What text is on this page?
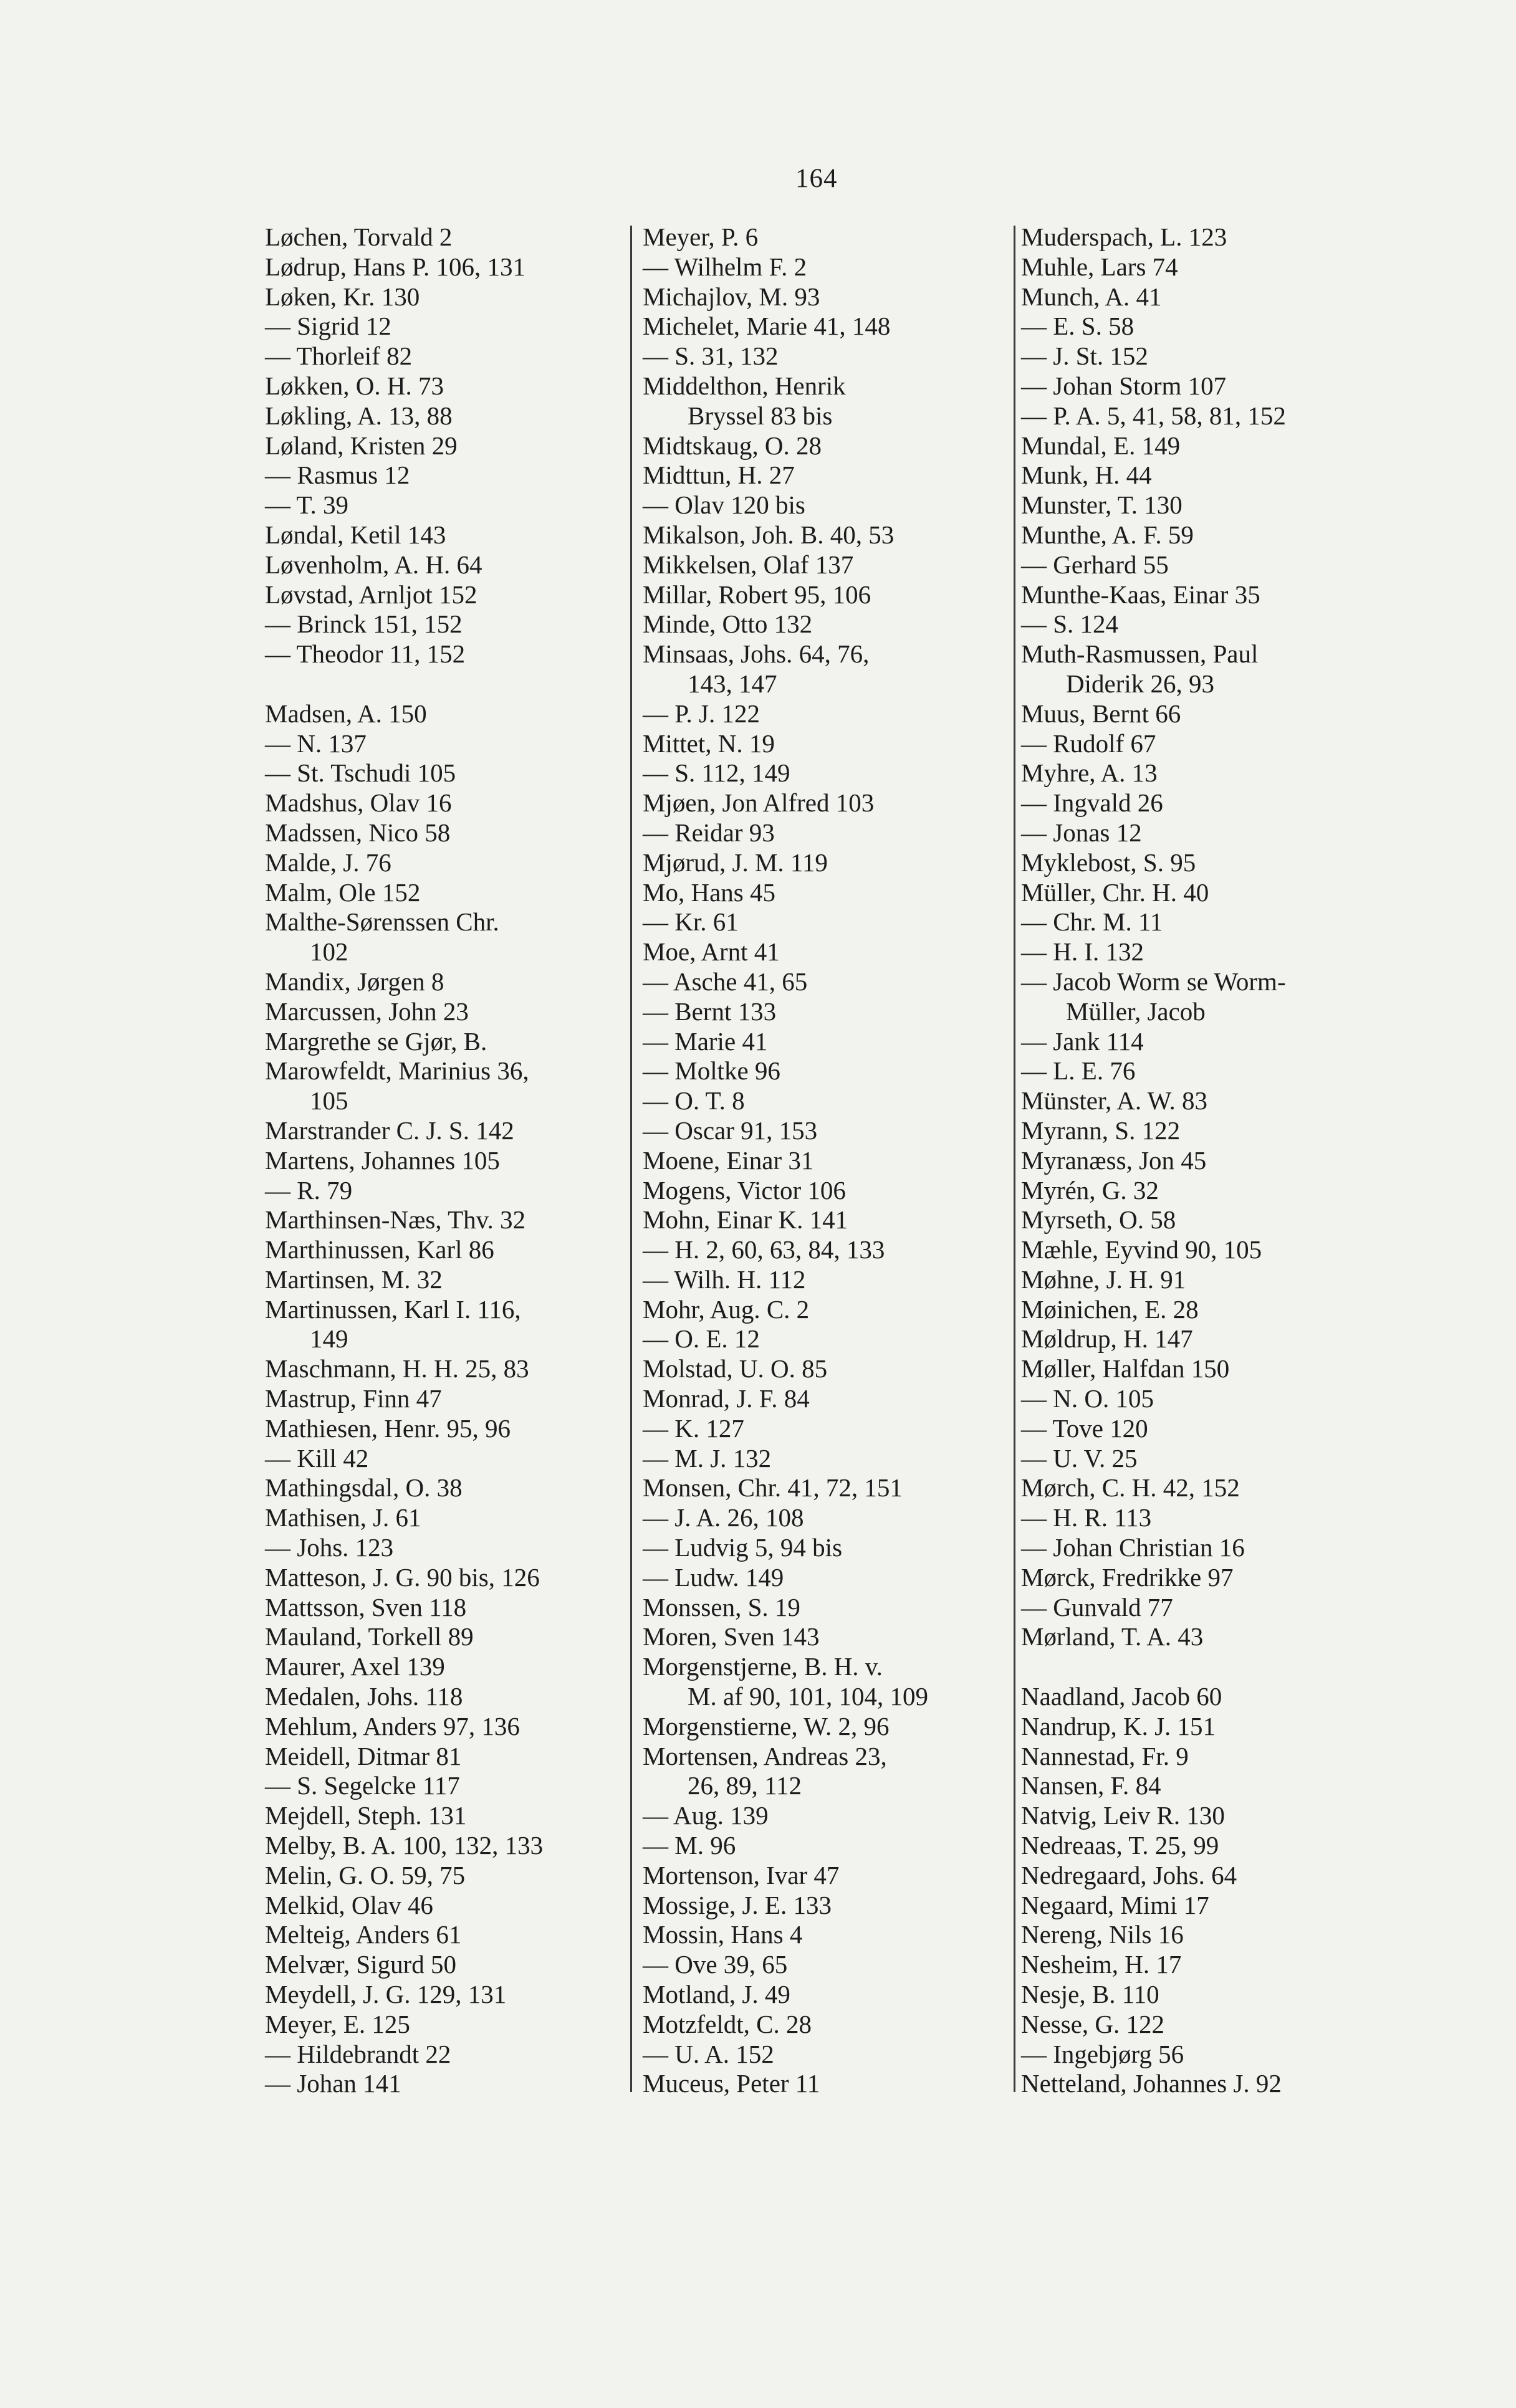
164
Løchen, Torvald 2
Lødrup, Hans P. 106, 131
Løken, Kr. 130
— Sigrid 12
— Thorleif 82
Løkken, O. H. 73
Løkling, A. 13, 88
Løland, Kristen 29
— Rasmus 12
— T. 39
Løndal, Ketil 143
Løvenholm, A. H. 64
Løvstad, Arnljot 152
— Brinck 151, 152
— Theodor 11, 152
Madsen, A. 150
— N. 137
— St. Tschudi 105
Madshus, Olav 16
Madssen, Nico 58
Malde, J. 76
Malm, Ole 152
Malthe-Sørenssen Chr.
102
Mandix, Jørgen 8
Marcussen, John 23
Margrethe se Gjør, B.
Marowfeldt, Marinius 36,
105
Marstrander C. J. S. 142
Martens, Johannes 105
— R. 79
Marthinsen-Næs, Thv. 32
Marthinussen, Karl 86
Martinsen, M. 32
Martinussen, Karl I. 116,
149
Maschmann, H. H. 25, 83
Mastrup, Finn 47
Mathiesen, Henr. 95, 96
— Kill 42
Mathingsdal, O. 38
Mathisen, J. 61
— Johs. 123
Matteson, J. G. 90 bis, 126
Mattsson, Sven 118
Mauland, Torkell 89
Maurer, Axel 139
Medalen, Johs. 118
Mehlum, Anders 97, 136
Meidell, Ditmar 81
— S. Segelcke 117
Mejdell, Steph. 131
Melby, B. A. 100, 132, 133
Melin, G. O. 59, 75
Melkid, Olav 46
Melteig, Anders 61
Melvær, Sigurd 50
Meydell, J. G. 129, 131
Meyer, E. 125
— Hildebrandt 22
— Johan 141
Meyer, P. 6
— Wilhelm F. 2
Michajlov, M. 93
Michelet, Marie 41, 148
— S. 31, 132
Middelthon, Henrik
Bryssel 83 bis
Midtskaug, O. 28
Midttun, H. 27
— Olav 120 bis
Mikalson, Joh. B. 40, 53
Mikkelsen, Olaf 137
Millar, Robert 95, 106
Minde, Otto 132
Minsaas, Johs. 64, 76,
143, 147
— P. J. 122
Mittet, N. 19
— S. 112, 149
Mjøen, Jon Alfred 103
— Reidar 93
Mjørud, J. M. 119
Mo, Hans 45
— Kr. 61
Moe, Arnt 41
— Asche 41, 65
— Bernt 133
— Marie 41
— Moltke 96
— O. T. 8
— Oscar 91, 153
Moene, Einar 31
Mogens, Victor 106
Mohn, Einar K. 141
— H. 2, 60, 63, 84, 133
— Wilh. H. 112
Mohr, Aug. C. 2
— O. E. 12
Molstad, U. O. 85
Monrad, J. F. 84
— K. 127
— M. J. 132
Monsen, Chr. 41, 72, 151
— J. A. 26, 108
— Ludvig 5, 94 bis
— Ludw. 149
Monssen, S. 19
Moren, Sven 143
Morgenstjerne, B. H. v.
M. af 90, 101, 104, 109
Morgenstierne, W. 2, 96
Mortensen, Andreas 23,
26, 89, 112
— Aug. 139
— M. 96
Mortenson, Ivar 47
Mossige, J. E. 133
Mossin, Hans 4
— Ove 39, 65
Motland, J. 49
Motzfeldt, C. 28
— U. A. 152
Muceus, Peter 11
Muderspach, L. 123
Muhle, Lars 74
Munch, A. 41
— E. S. 58
— J. St. 152
— Johan Storm 107
— P. A. 5, 41, 58, 81, 152
Mundal, E. 149
Munk, H. 44
Munster, T. 130
Munthe, A. F. 59
— Gerhard 55
Munthe-Kaas, Einar 35
— S. 124
Muth-Rasmussen, Paul
Diderik 26, 93
Muus, Bernt 66
— Rudolf 67
Myhre, A. 13
— Ingvald 26
— Jonas 12
Myklebost, S. 95
Müller, Chr. H. 40
— Chr. M. 11
— H. I. 132
— Jacob Worm se Worm-
Müller, Jacob
— Jank 114
— L. E. 76
Münster, A. W. 83
Myrann, S. 122
Myranæss, Jon 45
Myrén, G. 32
Myrseth, O. 58
Mæhle, Eyvind 90, 105
Møhne, J. H. 91
Møinichen, E. 28
Møldrup, H. 147
Møller, Halfdan 150
— N. O. 105
— Tove 120
— U. V. 25
Mørch, C. H. 42, 152
— H. R. 113
— Johan Christian 16
Mørck, Fredrikke 97
— Gunvald 77
Mørland, T. A. 43
Naadland, Jacob 60
Nandrup, K. J. 151
Nannestad, Fr. 9
Nansen, F. 84
Natvig, Leiv R. 130
Nedreaas, T. 25, 99
Nedregaard, Johs. 64
Negaard, Mimi 17
Nereng, Nils 16
Nesheim, H. 17
Nesje, B. 110
Nesse, G. 122
— Ingebjørg 56
Netteland, Johannes J. 92
